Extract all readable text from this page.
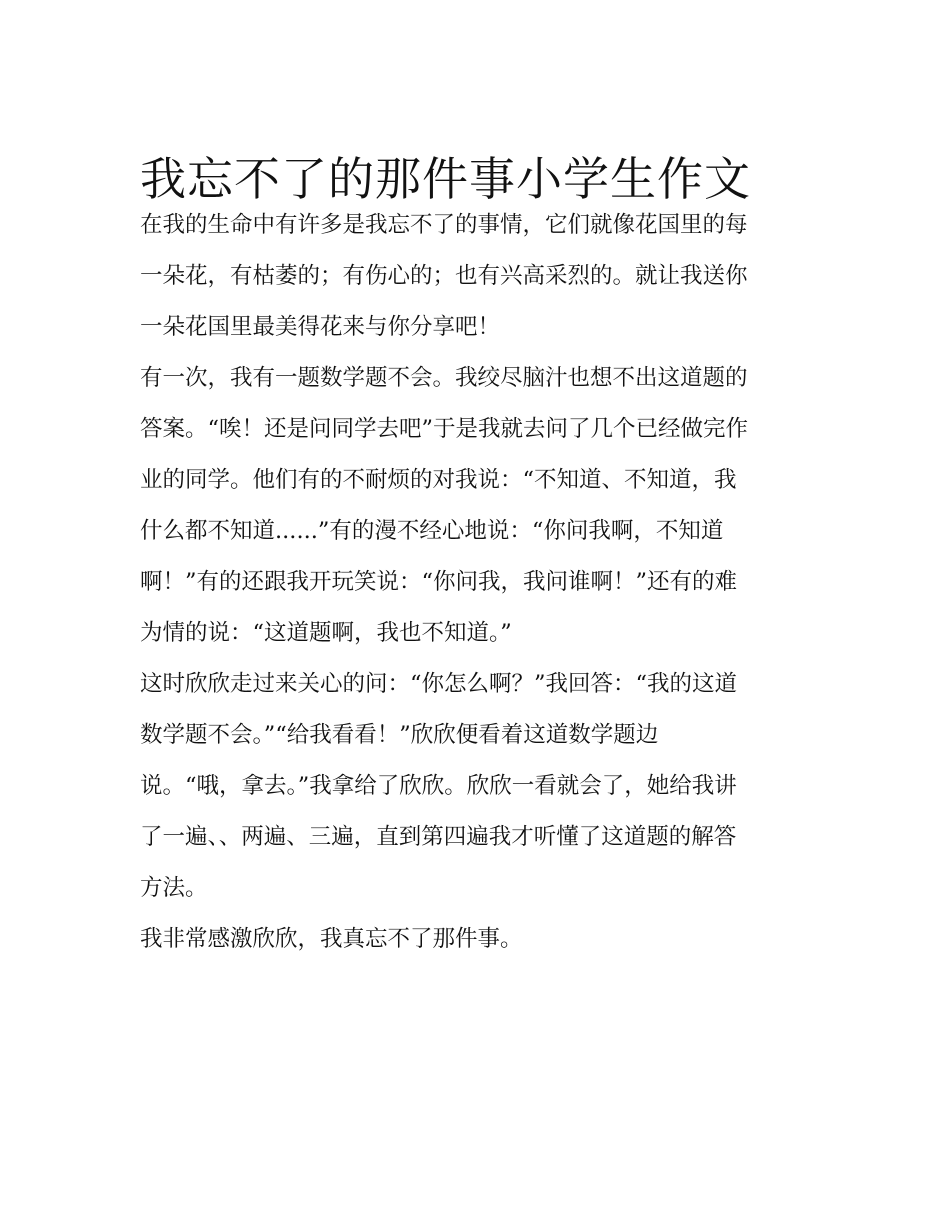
我忘不了的那件事小学生作文
在我的生命中有许多是我忘不了的事情，它们就像花国里的每
一朵花，有枯萎的；有伤心的；也有兴高采烈的。就让我送你
一朵花国里最美得花来与你分享吧！
有一次，我有一题数学题不会。我绞尽脑汁也想不出这道题的
答案。“唉！还是问同学去吧”于是我就去问了几个已经做完作
业的同学。他们有的不耐烦的对我说：“不知道、不知道，我
什么都不知道......”有的漫不经心地说：“你问我啊，不知道
啊！”有的还跟我开玩笑说：“你问我，我问谁啊！”还有的难
为情的说：“这道题啊，我也不知道。”
这时欣欣走过来关心的问：“你怎么啊？”我回答：“我的这道
数学题不会。”“给我看看！”欣欣便看着这道数学题边
说。“哦，拿去。”我拿给了欣欣。欣欣一看就会了，她给我讲
了一遍、、两遍、三遍，直到第四遍我才听懂了这道题的解答
方法。
我非常感激欣欣，我真忘不了那件事。
